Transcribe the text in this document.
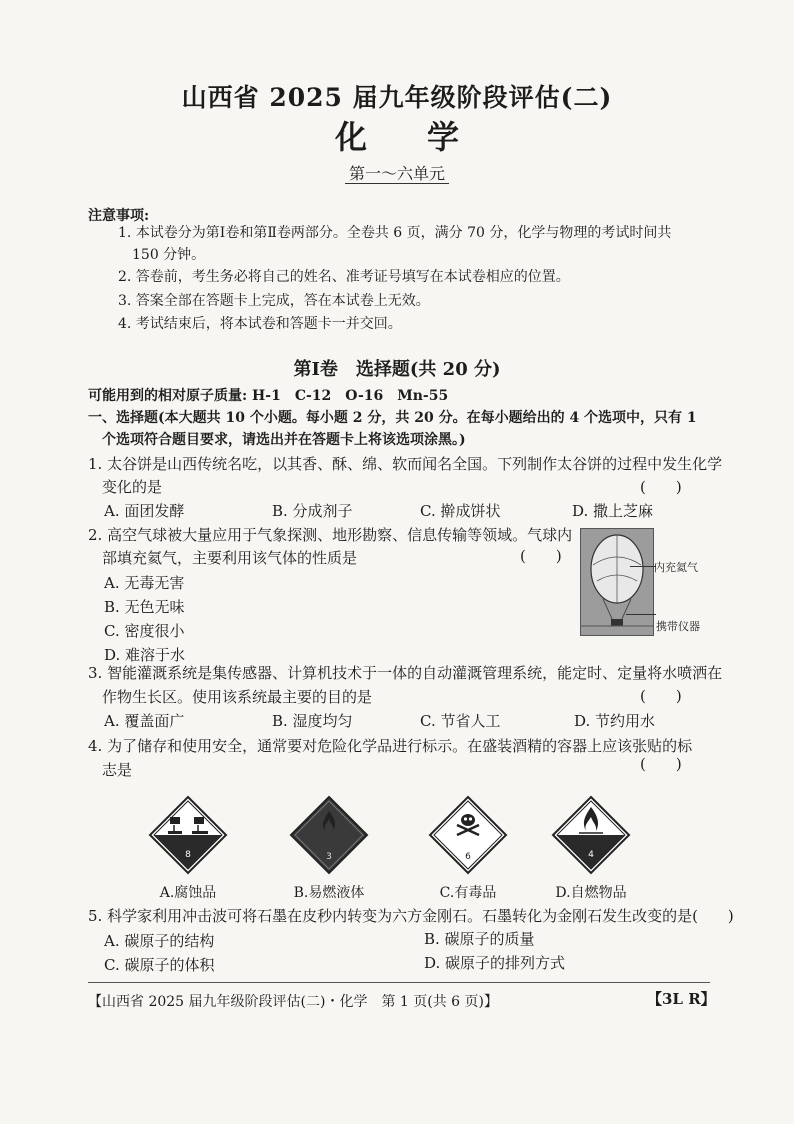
山西省 2025 届九年级阶段评估(二)
化学
第一～六单元
注意事项:
1. 本试卷分为第Ⅰ卷和第Ⅱ卷两部分。全卷共 6 页，满分 70 分，化学与物理的考试时间共
150 分钟。
2. 答卷前，考生务必将自己的姓名、准考证号填写在本试卷相应的位置。
3. 答案全部在答题卡上完成，答在本试卷上无效。
4. 考试结束后，将本试卷和答题卡一并交回。
第Ⅰ卷　选择题(共 20 分)
可能用到的相对原子质量: H-1　C-12　O-16　Mn-55
一、选择题(本大题共 10 个小题。每小题 2 分，共 20 分。在每小题给出的 4 个选项中，只有 1
个选项符合题目要求，请选出并在答题卡上将该选项涂黑。)
1. 太谷饼是山西传统名吃，以其香、酥、绵、软而闻名全国。下列制作太谷饼的过程中发生化学
变化的是	(　　)
A. 面团发酵	B. 分成剂子	C. 擀成饼状	D. 撒上芝麻
2. 高空气球被大量应用于气象探测、地形勘察、信息传输等领域。气球内
部填充氦气，主要利用该气体的性质是	(　　)
A. 无毒无害
B. 无色无味
C. 密度很小
D. 难溶于水
内充氦气
携带仪器
3. 智能灌溉系统是集传感器、计算机技术于一体的自动灌溉管理系统，能定时、定量将水喷洒在
作物生长区。使用该系统最主要的目的是	(　　)
A. 覆盖面广	B. 湿度均匀	C. 节省人工	D. 节约用水
4. 为了储存和使用安全，通常要对危险化学品进行标示。在盛装酒精的容器上应该张贴的标
志是	(　　)
8	3	6	4
A.腐蚀品	B.易燃液体	C.有毒品	D.自燃物品
5. 科学家利用冲击波可将石墨在皮秒内转变为六方金刚石。石墨转化为金刚石发生改变的是(　　)
A. 碳原子的结构	B. 碳原子的质量
C. 碳原子的体积	D. 碳原子的排列方式
【山西省 2025 届九年级阶段评估(二)・化学　第 1 页(共 6 页)】	【3L R】
